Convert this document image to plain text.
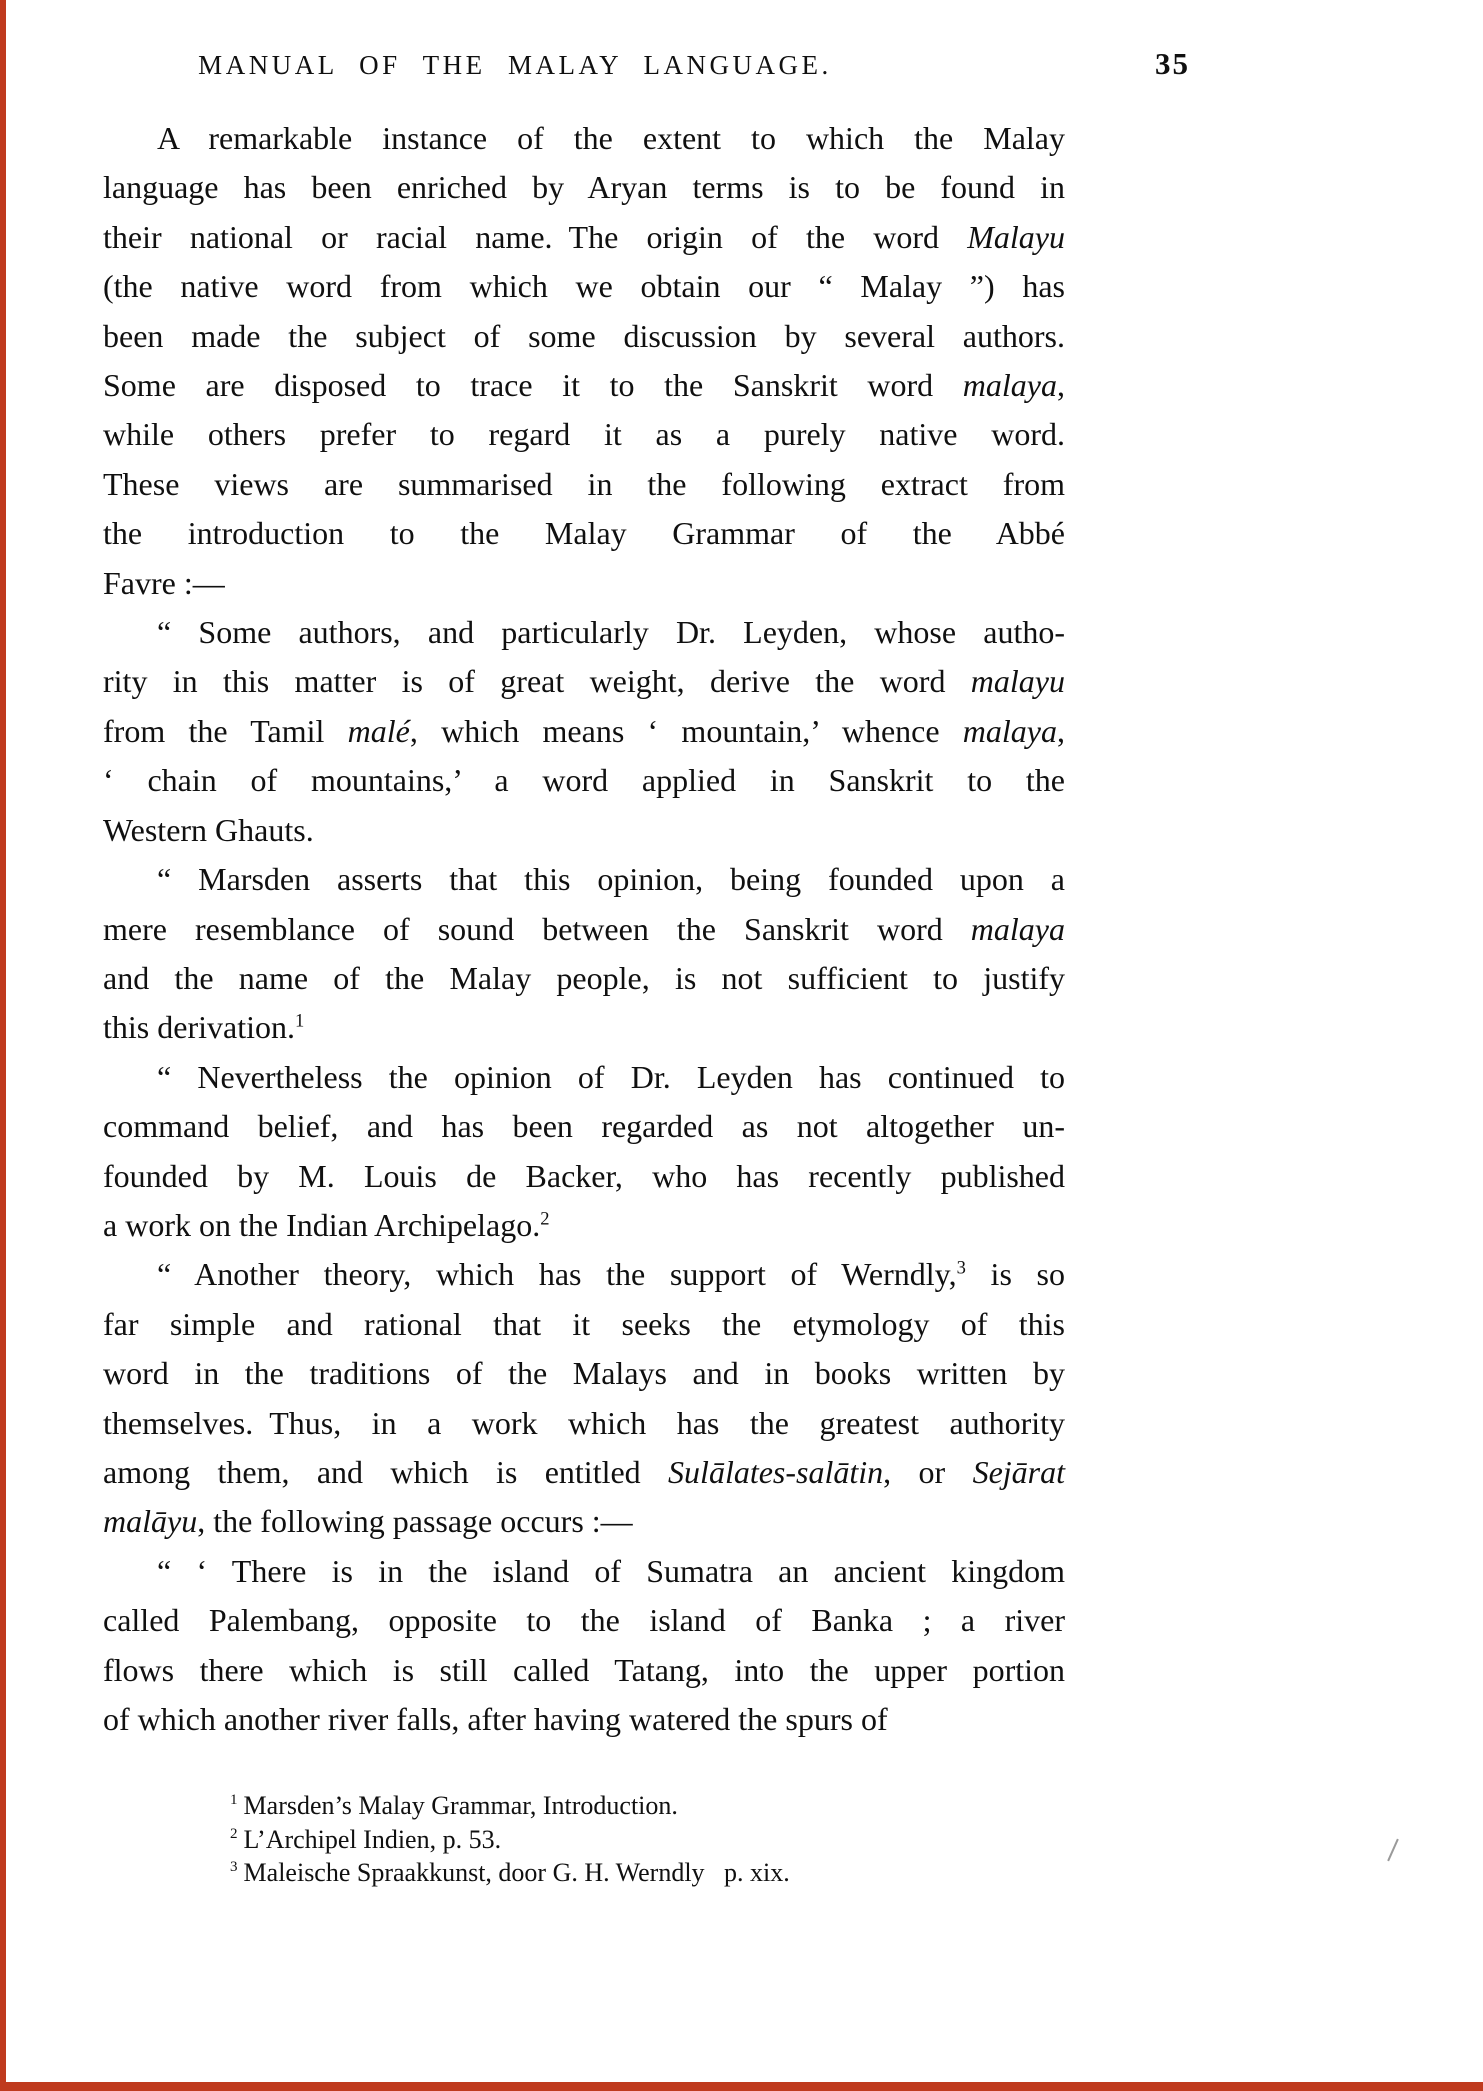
MANUAL OF THE MALAY LANGUAGE.	35
A remarkable instance of the extent to which the Malay
language has been enriched by Aryan terms is to be found in
their national or racial name. The origin of the word Malayu
(the native word from which we obtain our “ Malay ”) has
been made the subject of some discussion by several authors.
Some are disposed to trace it to the Sanskrit word malaya,
while others prefer to regard it as a purely native word.
These views are summarised in the following extract from
the introduction to the Malay Grammar of the Abbé
Favre :—
“ Some authors, and particularly Dr. Leyden, whose autho-
rity in this matter is of great weight, derive the word malayu
from the Tamil malé, which means ‘ mountain,’ whence malaya,
‘ chain of mountains,’ a word applied in Sanskrit to the
Western Ghauts.
“ Marsden asserts that this opinion, being founded upon a
mere resemblance of sound between the Sanskrit word malaya
and the name of the Malay people, is not sufficient to justify
this derivation.$^1$
“ Nevertheless the opinion of Dr. Leyden has continued to
command belief, and has been regarded as not altogether un-
founded by M. Louis de Backer, who has recently published
a work on the Indian Archipelago.$^2$
“ Another theory, which has the support of Werndly,$^3$ is so
far simple and rational that it seeks the etymology of this
word in the traditions of the Malays and in books written by
themselves. Thus, in a work which has the greatest authority
among them, and which is entitled Sulālates-salātin, or Sejārat
malāyu, the following passage occurs :—
“ ‘ There is in the island of Sumatra an ancient kingdom
called Palembang, opposite to the island of Banka ; a river
flows there which is still called Tatang, into the upper portion
of which another river falls, after having watered the spurs of
$^1$ Marsden’s Malay Grammar, Introduction.
$^2$ L’Archipel Indien, p. 53.
$^3$ Maleische Spraakkunst, door G. H. Werndly  p. xix.
